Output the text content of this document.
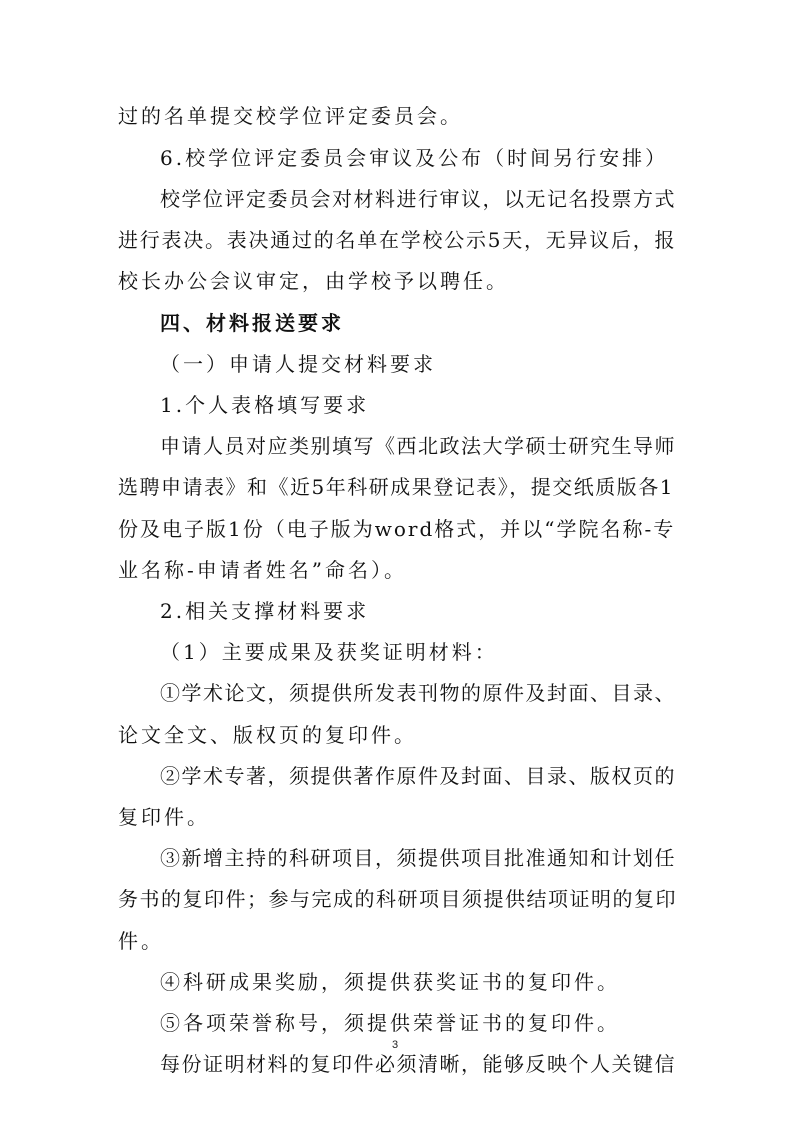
过的名单提交校学位评定委员会。
6.校学位评定委员会审议及公布（时间另行安排）
校学位评定委员会对材料进行审议，以无记名投票方式
进行表决。表决通过的名单在学校公示5天，无异议后，报
校长办公会议审定，由学校予以聘任。
四、材料报送要求
（一）申请人提交材料要求
1.个人表格填写要求
申请人员对应类别填写《西北政法大学硕士研究生导师
选聘申请表》和《近5年科研成果登记表》，提交纸质版各1
份及电子版1份（电子版为word格式，并以“学院名称-专
业名称-申请者姓名”命名）。
2.相关支撑材料要求
（1）主要成果及获奖证明材料：
①学术论文，须提供所发表刊物的原件及封面、目录、
论文全文、版权页的复印件。
②学术专著，须提供著作原件及封面、目录、版权页的
复印件。
③新增主持的科研项目，须提供项目批准通知和计划任
务书的复印件；参与完成的科研项目须提供结项证明的复印
件。
④科研成果奖励，须提供获奖证书的复印件。
⑤各项荣誉称号，须提供荣誉证书的复印件。
每份证明材料的复印件必须清晰，能够反映个人关键信
3
